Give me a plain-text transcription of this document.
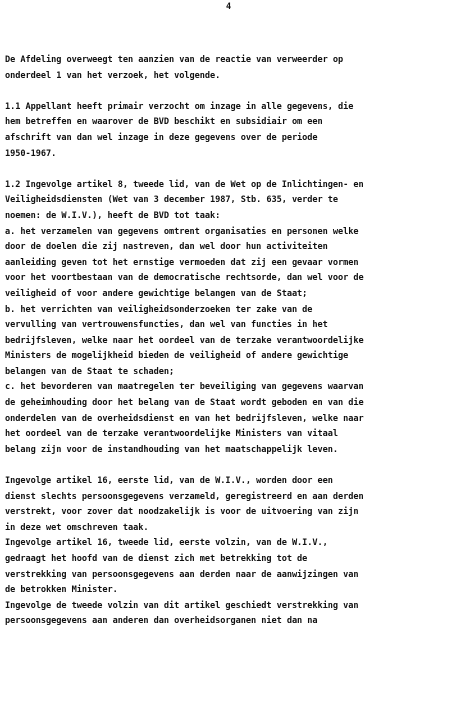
4
De Afdeling overweegt ten aanzien van de reactie van verweerder op
onderdeel 1 van het verzoek, het volgende.
1.1 Appellant heeft primair verzocht om inzage in alle gegevens, die
hem betreffen en waarover de BVD beschikt en subsidiair om een
afschrift van dan wel inzage in deze gegevens over de periode
1950-1967.
1.2 Ingevolge artikel 8, tweede lid, van de Wet op de Inlichtingen- en
Veiligheidsdiensten (Wet van 3 december 1987, Stb. 635, verder te
noemen: de W.I.V.), heeft de BVD tot taak:
a. het verzamelen van gegevens omtrent organisaties en personen welke
door de doelen die zij nastreven, dan wel door hun activiteiten
aanleiding geven tot het ernstige vermoeden dat zij een gevaar vormen
voor het voortbestaan van de democratische rechtsorde, dan wel voor de
veiligheid of voor andere gewichtige belangen van de Staat;
b. het verrichten van veiligheidsonderzoeken ter zake van de
vervulling van vertrouwensfuncties, dan wel van functies in het
bedrijfsleven, welke naar het oordeel van de terzake verantwoordelijke
Ministers de mogelijkheid bieden de veiligheid of andere gewichtige
belangen van de Staat te schaden;
c. het bevorderen van maatregelen ter beveiliging van gegevens waarvan
de geheimhouding door het belang van de Staat wordt geboden en van die
onderdelen van de overheidsdienst en van het bedrijfsleven, welke naar
het oordeel van de terzake verantwoordelijke Ministers van vitaal
belang zijn voor de instandhouding van het maatschappelijk leven.
Ingevolge artikel 16, eerste lid, van de W.I.V., worden door een
dienst slechts persoonsgegevens verzameld, geregistreerd en aan derden
verstrekt, voor zover dat noodzakelijk is voor de uitvoering van zijn
in deze wet omschreven taak.
Ingevolge artikel 16, tweede lid, eerste volzin, van de W.I.V.,
gedraagt het hoofd van de dienst zich met betrekking tot de
verstrekking van persoonsgegevens aan derden naar de aanwijzingen van
de betrokken Minister.
Ingevolge de tweede volzin van dit artikel geschiedt verstrekking van
persoonsgegevens aan anderen dan overheidsorganen niet dan na
